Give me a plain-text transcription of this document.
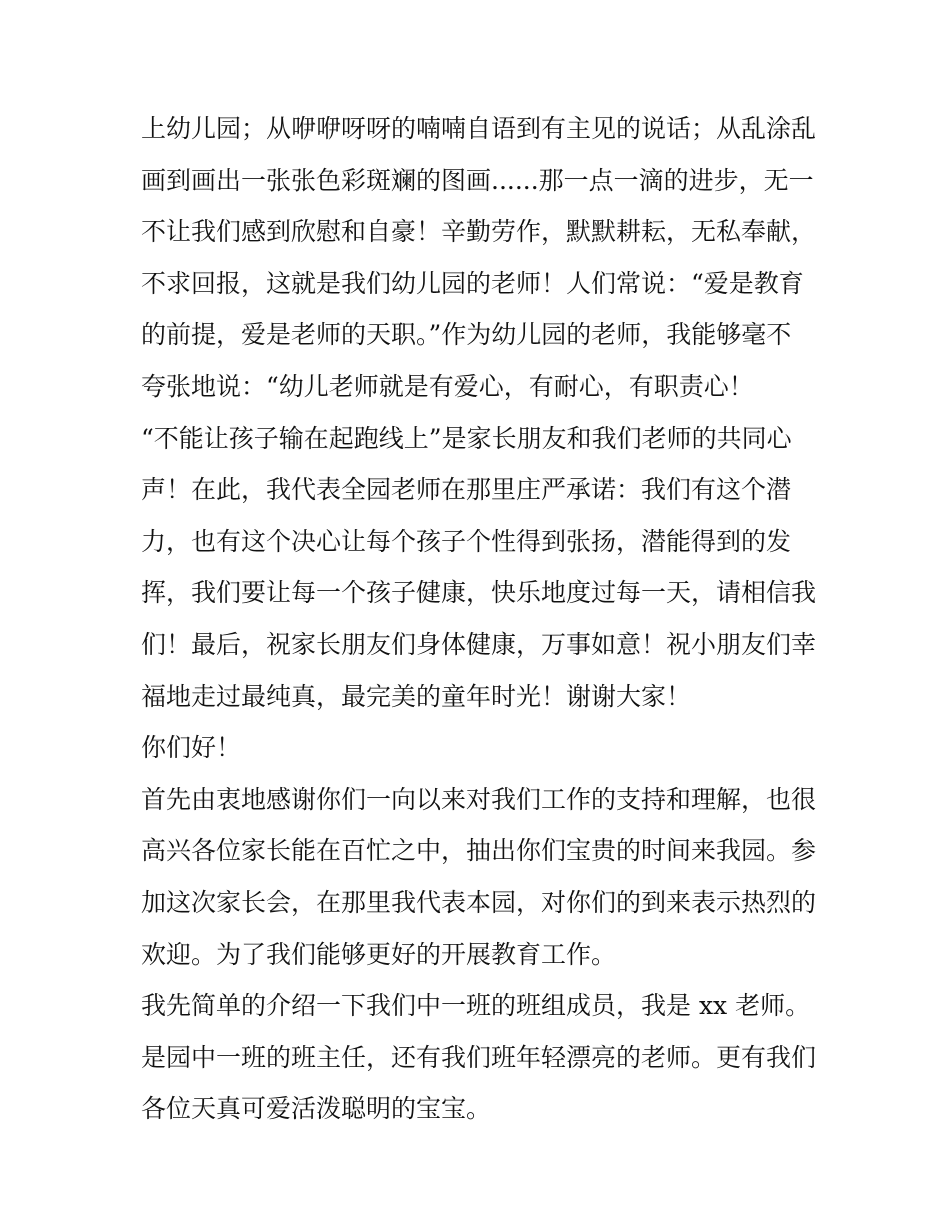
上幼儿园；从咿咿呀呀的喃喃自语到有主见的说话；从乱涂乱
画到画出一张张色彩斑斓的图画......那一点一滴的进步，无一
不让我们感到欣慰和自豪！辛勤劳作，默默耕耘，无私奉献，
不求回报，这就是我们幼儿园的老师！人们常说：“爱是教育
的前提，爱是老师的天职。”作为幼儿园的老师，我能够毫不
夸张地说：“幼儿老师就是有爱心，有耐心，有职责心！
“不能让孩子输在起跑线上”是家长朋友和我们老师的共同心
声！在此，我代表全园老师在那里庄严承诺：我们有这个潜
力，也有这个决心让每个孩子个性得到张扬，潜能得到的发
挥，我们要让每一个孩子健康，快乐地度过每一天，请相信我
们！最后，祝家长朋友们身体健康，万事如意！祝小朋友们幸
福地走过最纯真，最完美的童年时光！谢谢大家！
你们好！
首先由衷地感谢你们一向以来对我们工作的支持和理解，也很
高兴各位家长能在百忙之中，抽出你们宝贵的时间来我园。参
加这次家长会，在那里我代表本园，对你们的到来表示热烈的
欢迎。为了我们能够更好的开展教育工作。
我先简单的介绍一下我们中一班的班组成员，我是 xx 老师。
是园中一班的班主任，还有我们班年轻漂亮的老师。更有我们
各位天真可爱活泼聪明的宝宝。
